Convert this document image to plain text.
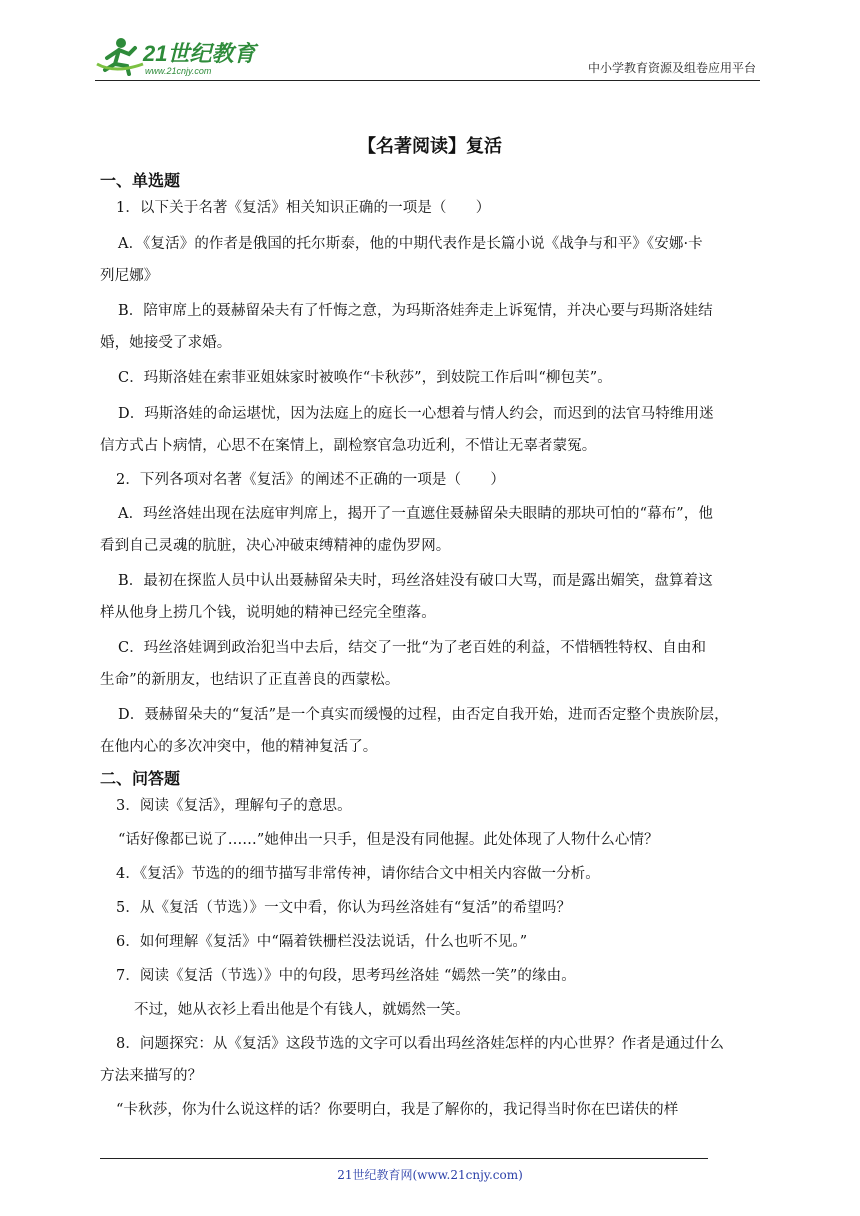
21世纪教育
www.21cnjy.com	中小学教育资源及组卷应用平台
【名著阅读】复活
一、单选题
1．以下关于名著《复活》相关知识正确的一项是（　　）
A．《复活》的作者是俄国的托尔斯泰，他的中期代表作是长篇小说《战争与和平》《安娜·卡
列尼娜》
B．陪审席上的聂赫留朵夫有了忏悔之意，为玛斯洛娃奔走上诉冤情，并决心要与玛斯洛娃结
婚，她接受了求婚。
C．玛斯洛娃在索菲亚姐妹家时被唤作“卡秋莎”，到妓院工作后叫“柳包芙”。
D．玛斯洛娃的命运堪忧，因为法庭上的庭长一心想着与情人约会，而迟到的法官马特维用迷
信方式占卜病情，心思不在案情上，副检察官急功近利，不惜让无辜者蒙冤。
2．下列各项对名著《复活》的阐述不正确的一项是（　　）
A．玛丝洛娃出现在法庭审判席上，揭开了一直遮住聂赫留朵夫眼睛的那块可怕的“幕布”，他
看到自己灵魂的肮脏，决心冲破束缚精神的虚伪罗网。
B．最初在探监人员中认出聂赫留朵夫时，玛丝洛娃没有破口大骂，而是露出媚笑，盘算着这
样从他身上捞几个钱，说明她的精神已经完全堕落。
C．玛丝洛娃调到政治犯当中去后，结交了一批“为了老百姓的利益，不惜牺牲特权、自由和
生命”的新朋友，也结识了正直善良的西蒙松。
D．聂赫留朵夫的“复活”是一个真实而缓慢的过程，由否定自我开始，进而否定整个贵族阶层，
在他内心的多次冲突中，他的精神复活了。
二、问答题
3．阅读《复活》，理解句子的意思。
“话好像都已说了……”她伸出一只手，但是没有同他握。此处体现了人物什么心情？
4．《复活》节选的的细节描写非常传神，请你结合文中相关内容做一分析。
5．从《复活（节选）》一文中看，你认为玛丝洛娃有“复活”的希望吗？
6．如何理解《复活》中“隔着铁栅栏没法说话，什么也听不见。”
7．阅读《复活（节选）》中的句段，思考玛丝洛娃 “嫣然一笑”的缘由。
不过，她从衣衫上看出他是个有钱人，就嫣然一笑。
8．问题探究：从《复活》这段节选的文字可以看出玛丝洛娃怎样的内心世界？作者是通过什么
方法来描写的？
“卡秋莎，你为什么说这样的话？你要明白，我是了解你的，我记得当时你在巴诺伕的样
21世纪教育网(www.21cnjy.com)
